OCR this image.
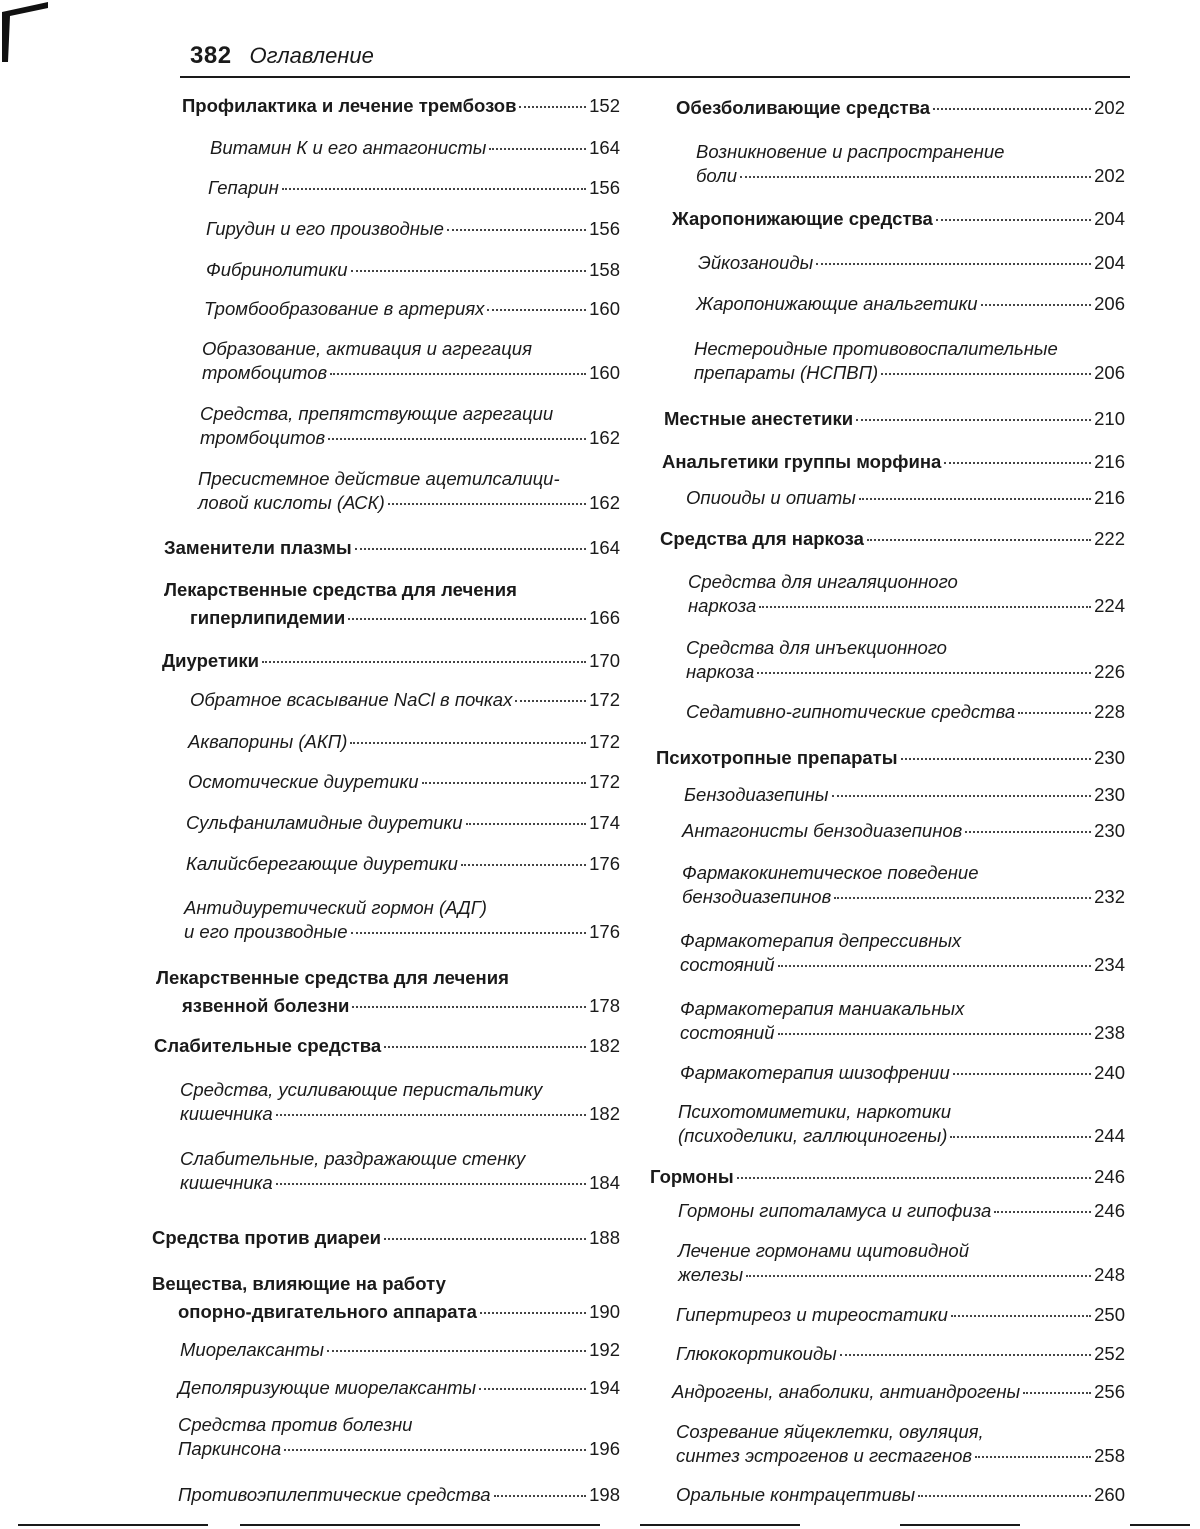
382 Оглавление
Профилактика и лечение трембозов	152
Витамин К и его антагонисты	164
Гепарин	156
Гирудин и его производные	156
Фибринолитики	158
Тромбообразование в артериях	160
Образование, активация и агрегация
тромбоцитов	160
Средства, препятствующие агрегации
тромбоцитов	162
Пресистемное действие ацетилсалици-
ловой кислоты (АСК)	162
Заменители плазмы	164
Лекарственные средства для лечения
гиперлипидемии	166
Диуретики	170
Обратное всасывание NaCl в почках	172
Аквапорины (АКП)	172
Осмотические диуретики	172
Сульфаниламидные диуретики	174
Калийсберегающие диуретики	176
Антидиуретический гормон (АДГ)
и его производные	176
Лекарственные средства для лечения
язвенной болезни	178
Слабительные средства	182
Средства, усиливающие перистальтику
кишечника	182
Слабительные, раздражающие стенку
кишечника	184
Средства против диареи	188
Вещества, влияющие на работу
опорно-двигательного аппарата	190
Миорелаксанты	192
Деполяризующие миорелаксанты	194
Средства против болезни
Паркинсона	196
Противоэпилептические средства	198
Обезболивающие средства	202
Возникновение и распространение
боли	202
Жаропонижающие средства	204
Эйкозаноиды	204
Жаропонижающие анальгетики	206
Нестероидные противовоспалительные
препараты (НСПВП)	206
Местные анестетики	210
Анальгетики группы морфина	216
Опиоиды и опиаты	216
Средства для наркоза	222
Средства для ингаляционного
наркоза	224
Средства для инъекционного
наркоза	226
Седативно-гипнотические средства	228
Психотропные препараты	230
Бензодиазепины	230
Антагонисты бензодиазепинов	230
Фармакокинетическое поведение
бензодиазепинов	232
Фармакотерапия депрессивных
состояний	234
Фармакотерапия маниакальных
состояний	238
Фармакотерапия шизофрении	240
Психотомиметики, наркотики
(психоделики, галлюциногены)	244
Гормоны	246
Гормоны гипоталамуса и гипофиза	246
Лечение гормонами щитовидной
железы	248
Гипертиреоз и тиреостатики	250
Глюкокортикоиды	252
Андрогены, анаболики, антиандрогены	256
Созревание яйцеклетки, овуляция,
синтез эстрогенов и гестагенов	258
Оральные контрацептивы	260
